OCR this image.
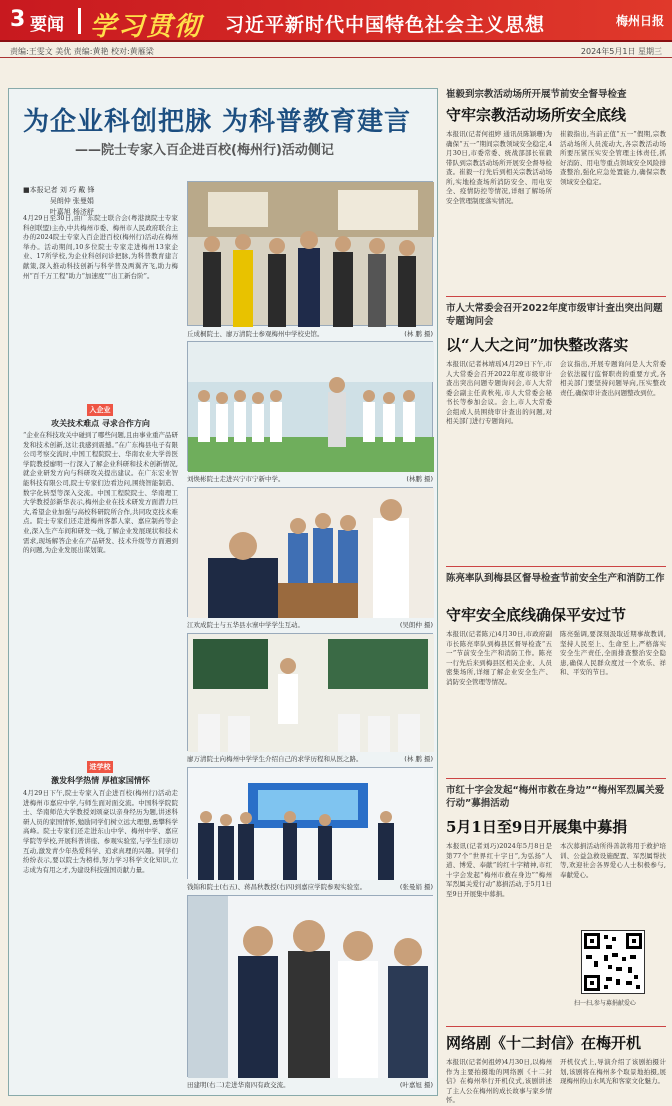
3 要闻 学习贯彻 习近平新时代中国特色社会主义思想	梅州日报
责编:王雯文 美优 责编:黄艳 校对:黄雁梁	2024年5月1日 星期三
为企业科创把脉 为科普教育建言
——院士专家入百企进百校(梅州行)活动侧记
■本报记者 刘 巧 戴 锋
吴朗仲 张曼娟
叶嘉旭 杨济舒
4月29日至30日,由广东院士联合会(粤港澳院士专家科创联盟)主办,中共梅州市委、梅州市人民政府联合主办的2024院士专家入百企进百校(梅州行)活动在梅州举办。活动期间,10多位院士专家走进梅州13家企业、17所学校,为企业科创问诊把脉,为科普教育建言献策,深入推动科技创新与科学普及两翼齐飞,助力梅州“百千万工程”助力“加速度”“出工新台阶”。
入企业
攻关技术难点 寻求合作方向
“企业在科技攻关中碰到了哪些问题,且由事业重产品研发和技术创新,这让我感到震撼。”在广东梅县电子有限公司考察交流时,中国工程院院士、华南农业大学兽医学院教授廖明一行深入了解企业科研和技术创新情况,就企业研发方向与科研攻关提出建议。在广东宏业智能科技有限公司,院士专家们边看边问,围绕智能制造、数字化转型等深入交流。中国工程院院士、华南理工大学教授彭新华表示,梅州企业在技术研发方面潜力巨大,希望企业加强与高校科研院所合作,共同攻克技术难点。院士专家们还走进梅州客都人家、嘉应制药等企业,深入生产车间和研发一线,了解企业发展现状和技术需求,现场解答企业在产品研发、技术升级等方面遇到的问题,为企业发展出谋划策。
进学校
激发科学热情 厚植家国情怀
4月29日下午,院士专家入百企进百校(梅州行)活动走进梅州市嘉应中学,与师生面对面交流。中国科学院院士、华南师范大学教授刘颂豪以亲身经历为题,讲述科研人员的家国情怀,勉励同学们树立远大理想,勇攀科学高峰。院士专家们还走进东山中学、梅州中学、嘉应学院等学校,开展科普讲座、参观实验室,与学生们亲切互动,激发青少年热爱科学、追求真理的兴趣。同学们纷纷表示,要以院士为榜样,努力学习科学文化知识,立志成为有用之才,为建设科技强国贡献力量。
丘成桐院士、廖万清院士参观梅州中学校史馆。	(林 鹏 摄)
刘焕彬院士走进兴宁市宁新中学。	(林鹏 摄)
江欢成院士与五华县水寨中学学生互动。	(吴朗仲 摄)
廖万清院士向梅州中学学生介绍自己的求学历程和从医之路。	(林 鹏 摄)
钱锦和院士(右五)、蒋昌秋教授(右四)到嘉应学院参观实验室。	(张曼娟 摄)
田建明(右二)走进华南四有政交流。	(叶嘉旭 摄)
崔毅到宗教活动场所开展节前安全督导检查
守牢宗教活动场所安全底线
本报讯(记者何祖婷 通讯员陈颖珊)为确保“五一”期间宗教领域安全稳定,4月30日,市委常委、统战部部长崔毅带队到宗教活动场所开展安全督导检查。崔毅一行先后到相关宗教活动场所,实地检查场所消防安全、用电安全、疫情防控等情况,详细了解场所安全管理制度落实情况。
崔毅指出,当前正值“五一”假期,宗教活动场所人员流动大,各宗教活动场所要压紧压实安全管理主体责任,抓好消防、用电等重点领域安全风险排查整治,强化应急处置能力,确保宗教领域安全稳定。
市人大常委会召开2022年度市级审计查出突出问题专题询问会
以“人大之问”加快整改落实
本报讯(记者林靖瑶)4月29日下午,市人大常委会召开2022年度市级审计查出突出问题专题询问会,市人大常委会副主任黄秋苑,市人大常委会秘书长等参加会议。会上,市人大常委会组成人员围绕审计查出的问题,对相关部门进行专题询问。
会议指出,开展专题询问是人大常委会依法履行监督职责的重要方式,各相关部门要坚持问题导向,压实整改责任,确保审计查出问题整改到位。
陈亮率队到梅县区督导检查节前安全生产和消防工作
守牢安全底线确保平安过节
本报讯(记者陈元)4月30日,市政府副市长陈亮率队到梅县区督导检查“五一”节前安全生产和消防工作。陈亮一行先后来到梅县区相关企业、人员密集场所,详细了解企业安全生产、消防安全管理等情况。
陈亮强调,要深刻汲取近期事故教训,坚持人民至上、生命至上,严格落实安全生产责任,全面排查整治安全隐患,确保人民群众度过一个欢乐、祥和、平安的节日。
市红十字会发起“梅州市救在身边”“梅州军烈属关爱行动”募捐活动
5月1日至9日开展集中募捐
本报讯(记者刘巧)2024年5月8日是第77个“世界红十字日”,为弘扬“人道、博爱、奉献”的红十字精神,市红十字会发起“梅州市救在身边”“梅州军烈属关爱行动”募捐活动,于5月1日至9日开展集中募捐。
本次募捐活动所得善款将用于救护培训、公益急救设施配置、军烈属帮扶等,欢迎社会各界爱心人士积极参与,奉献爱心。
扫一扫,参与募捐献爱心
网络剧《十二封信》在梅开机
本报讯(记者何祖婷)4月30日,以梅州作为主要拍摄地的网络剧《十二封信》在梅州举行开机仪式,该剧讲述了主人公在梅州的成长故事与家乡情怀。
开机仪式上,导演介绍了该剧拍摄计划,该剧将在梅州多个取景地拍摄,展现梅州的山水风光和客家文化魅力。
